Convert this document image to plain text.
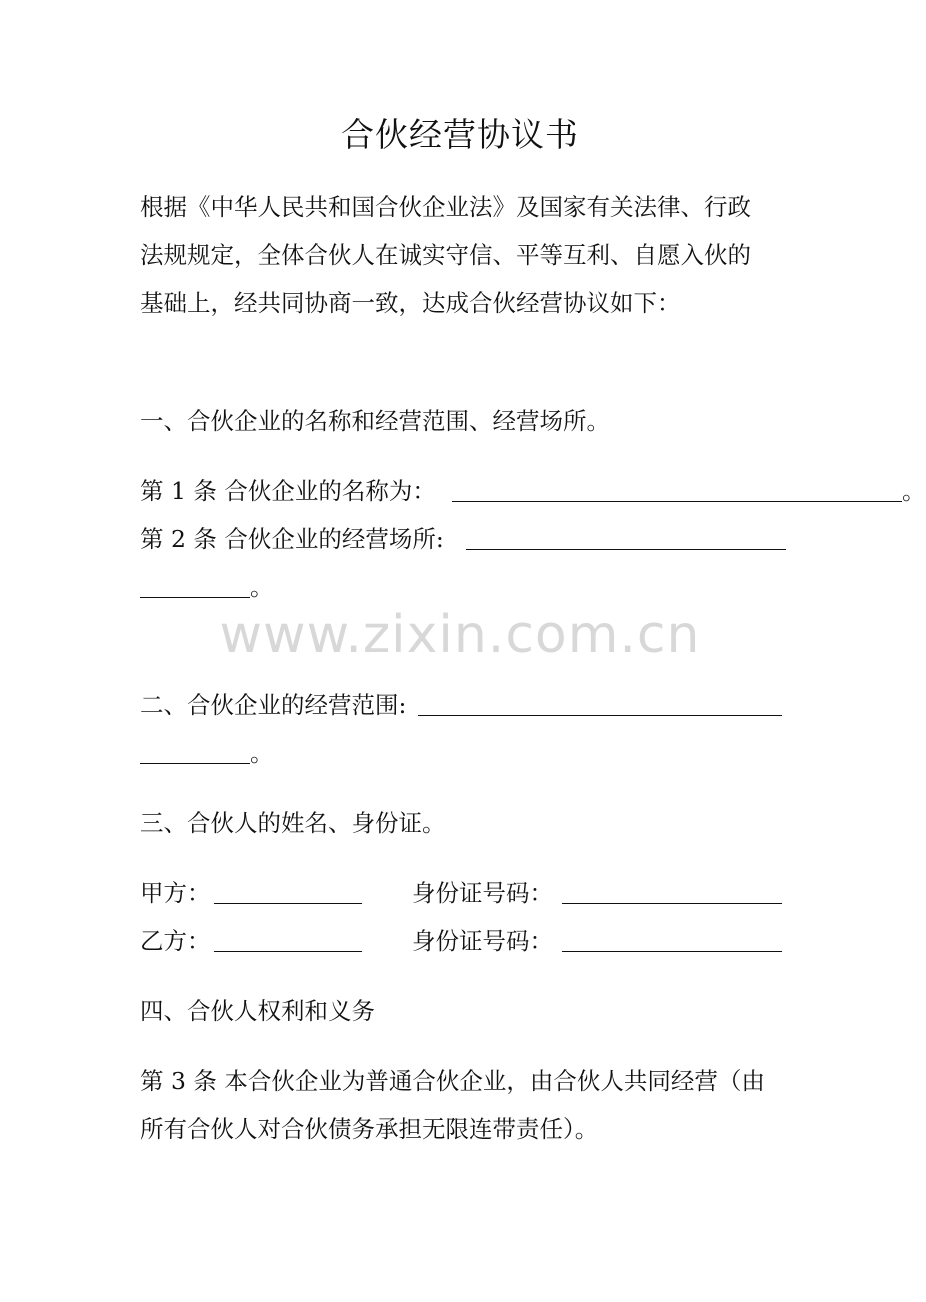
合伙经营协议书
根据《中华人民共和国合伙企业法》及国家有关法律、行政
法规规定，全体合伙人在诚实守信、平等互利、自愿入伙的
基础上，经共同协商一致，达成合伙经营协议如下：
一、合伙企业的名称和经营范围、经营场所。
第 1 条 合伙企业的名称为：	。
第 2 条 合伙企业的经营场所:
。
www.zixin.com.cn
二、合伙企业的经营范围:
。
三、合伙人的姓名、身份证。
甲方：	身份证号码：
乙方：	身份证号码：
四、合伙人权利和义务
第 3 条 本合伙企业为普通合伙企业，由合伙人共同经营（由
所有合伙人对合伙债务承担无限连带责任）。
